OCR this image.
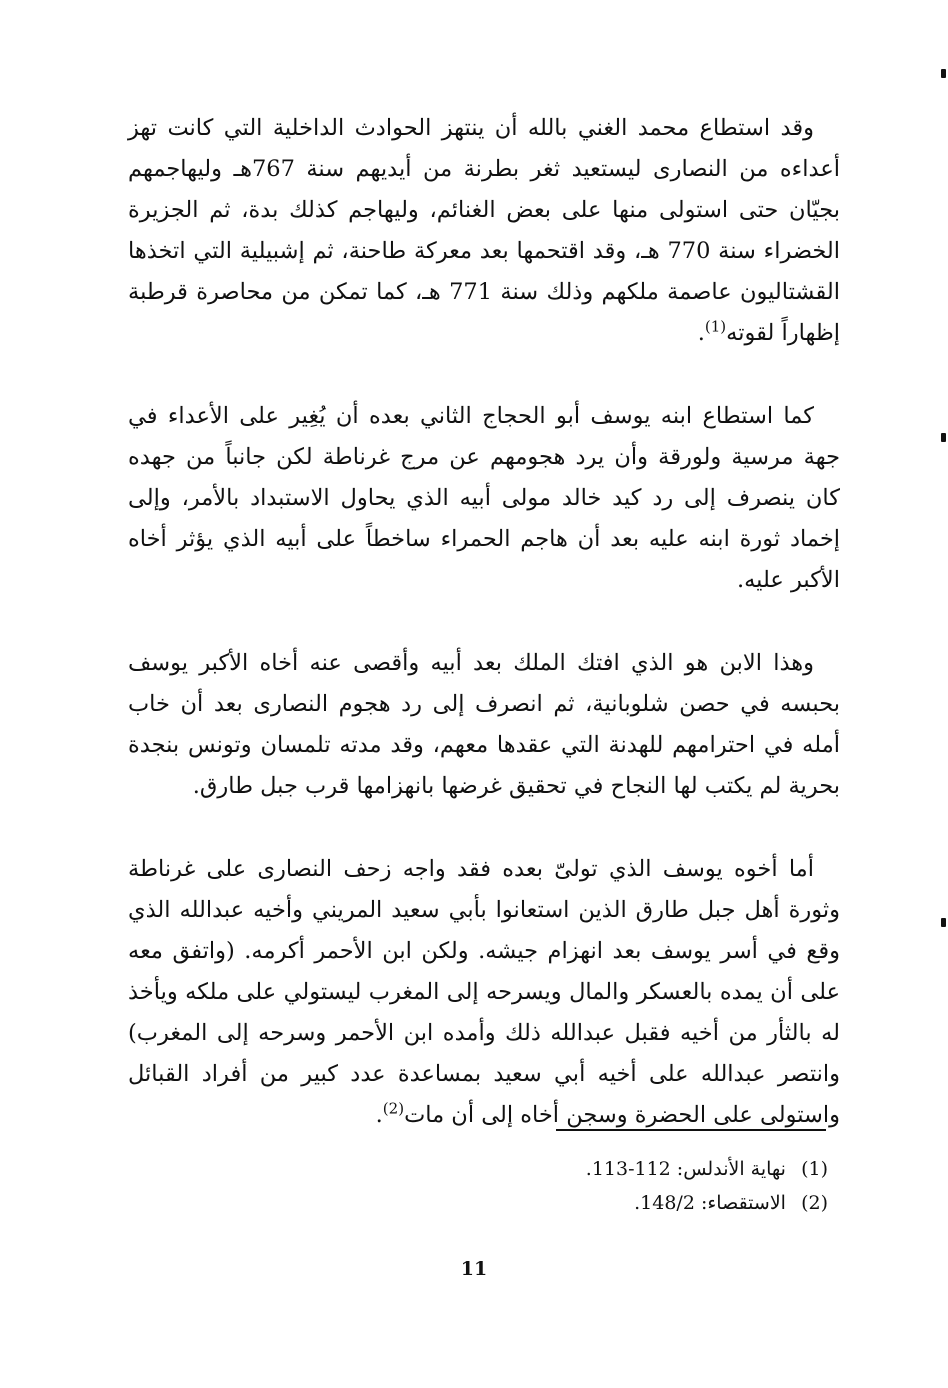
وقد استطاع محمد الغني بالله أن ينتهز الحوادث الداخلية التي كانت تهز أعداءه من النصارى ليستعيد ثغر بطرنة من أيديهم سنة 767هـ وليهاجمهم بجيّان حتى استولى منها على بعض الغنائم، وليهاجم كذلك بدة، ثم الجزيرة الخضراء سنة 770 هـ، وقد اقتحمها بعد معركة طاحنة، ثم إشبيلية التي اتخذها القشتاليون عاصمة ملكهم وذلك سنة 771 هـ، كما تمكن من محاصرة قرطبة إظهاراً لقوته$^{(1)}$.

كما استطاع ابنه يوسف أبو الحجاج الثاني بعده أن يُغِير على الأعداء في جهة مرسية ولورقة وأن يرد هجومهم عن مرج غرناطة لكن جانباً من جهده كان ينصرف إلى رد كيد خالد مولى أبيه الذي يحاول الاستبداد بالأمر، وإلى إخماد ثورة ابنه عليه بعد أن هاجم الحمراء ساخطاً على أبيه الذي يؤثر أخاه الأكبر عليه.

وهذا الابن هو الذي افتك الملك بعد أبيه وأقصى عنه أخاه الأكبر يوسف بحبسه في حصن شلوبانية، ثم انصرف إلى رد هجوم النصارى بعد أن خاب أمله في احترامهم للهدنة التي عقدها معهم، وقد مدته تلمسان وتونس بنجدة بحرية لم يكتب لها النجاح في تحقيق غرضها بانهزامها قرب جبل طارق.

أما أخوه يوسف الذي تولىّ بعده فقد واجه زحف النصارى على غرناطة وثورة أهل جبل طارق الذين استعانوا بأبي سعيد المريني وأخيه عبدالله الذي وقع في أسر يوسف بعد انهزام جيشه. ولكن ابن الأحمر أكرمه. (واتفق معه على أن يمده بالعسكر والمال ويسرحه إلى المغرب ليستولي على ملكه ويأخذ له بالثأر من أخيه فقبل عبدالله ذلك وأمده ابن الأحمر وسرحه إلى المغرب) وانتصر عبدالله على أخيه أبي سعيد بمساعدة عدد كبير من أفراد القبائل واستولى على الحضرة وسجن أخاه إلى أن مات$^{(2)}$.

(1) نهاية الأندلس: 112-113.
(2) الاستقصاء: 148/2.
11
